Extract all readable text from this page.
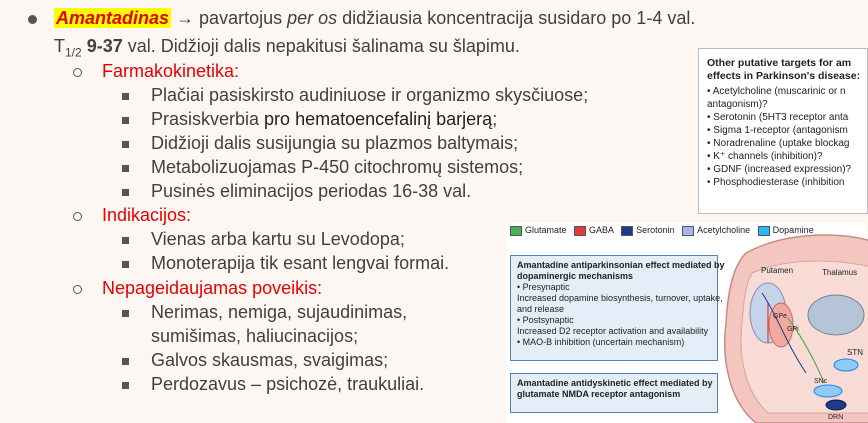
Amantadinas → pavartojus per os didžiausia koncentracija susidaro po 1-4 val.
$T_{1/2}$ 9-37 val. Didžioji dalis nepakitusi šalinama su šlapimu.
Farmakokinetika:
Plačiai pasiskirsto audiniuose ir organizmo skysčiuose;
Prasiskverbia pro hematoencefalinį barjerą;
Didžioji dalis susijungia su plazmos baltymais;
Metabolizuojamas P-450 citochromų sistemos;
Pusinės eliminacijos periodas 16-38 val.
Indikacijos:
Vienas arba kartu su Levodopa;
Monoterapija tik esant lengvai formai.
Nepageidaujamas poveikis:
Nerimas, nemiga, sujaudinimas,
sumišimas, haliucinacijos;
Galvos skausmas, svaigimas;
Perdozavus – psichozė, traukuliai.
Other putative targets for am
effects in Parkinson's disease:
• Acetylcholine (muscarinic or n
antagonism)?
• Serotonin (5HT3 receptor anta
• Sigma 1-receptor (antagonism
• Noradrenaline (uptake blockag
• K⁺ channels (inhibition)?
• GDNF (increased expression)?
• Phosphodiesterase (inhibition
Glutamate	GABA	Serotonin	Acetylcholine	Dopamine
Putamen	Thalamus
GPe
GPi
STN
SNc
DRN
Amantadine antiparkinsonian effect mediated by
dopaminergic mechanisms
• Presynaptic
Increased dopamine biosynthesis, turnover, uptake,
and release
• Postsynaptic
Increased D2 receptor activation and availability
• MAO-B inhibition (uncertain mechanism)
Amantadine antidyskinetic effect mediated by
glutamate NMDA receptor antagonism
